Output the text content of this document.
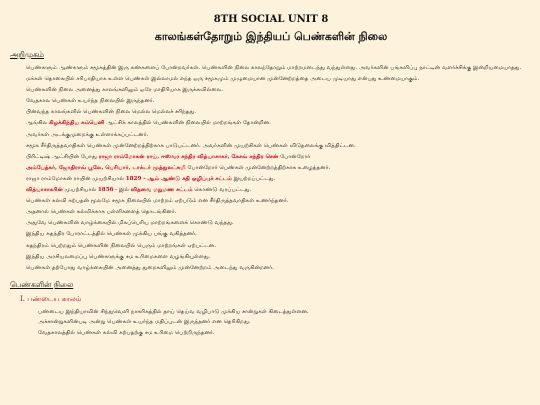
8TH SOCIAL UNIT 8
காலங்கள்தோறும் இந்தியப் பெண்களின் நிலை
அறிமுகம்
1. பெண்களும் ஆண்களும் சமூகத்தின் இரு கண்களைப் போன்றவர்கள். பெண்களின் நிலை காலந்தோறும் மாற்றமடைந்து வந்துள்ளது. அவர்களின் பங்களிப்பு நாட்டின் வளர்ச்சிக்கு இன்றியமையாதது.
2. மக்கள் தொகையில் சரிபாதியாக உள்ள பெண்கள் இல்லாமல் எந்த ஒரு சமூகமும் முழுமையான முன்னேற்றத்தை அடைய முடியாது என்பது உண்மையாகும்.
3. பெண்களின் நிலை அனைத்து காலங்களிலும் ஒரே மாதிரியாக இருக்கவில்லை.
4. வேதகால பெண்கள் உயர்ந்த நிலையில் இருந்தனர்.
5. பின்வந்த காலங்களில் பெண்களின் நிலை மெல்ல மெல்லச் சரிந்தது.
6. ஆங்கில கிழக்கிந்திய கம்பெனி ஆட்சிக் காலத்தில் பெண்களின் நிலையில் மாற்றங்கள் தோன்றின.
7. அவர்கள் அடக்குமுறைக்கு உள்ளாக்கப்பட்டனர்.
8. சமூக சீர்திருத்தவாதிகள் பெண்கள் முன்னேற்றத்திற்காக பாடுபட்டனர். அவர்களின் முயற்சிகள் பெண்கள் விடுதலைக்கு வித்திட்டன.
9. பிரிட்டிஷ் ஆட்சியின் போது ராஜா ராம்மோகன் ராய், ஈஸ்வர சந்திர வித்யாசாகர், கேசவ் சந்திர சென் போன்றோர்
10. அம்பேத்கர், ஜோதிராவ் பூலே, பெரியார், டாக்டர் முத்துலட்சுமி போன்றோர் பெண்கள் முன்னேற்றத்திற்காக உழைத்தனர்.
11. ராஜா ராம்மோகன் ராயின் முயற்சியால் 1829 - ஆம் ஆண்டு சதி ஒழிப்புச் சட்டம் இயற்றப்பட்டது.
12. வித்யாசாகரின் முயற்சியால் 1856 - இல் விதவை மறுமண சட்டம் கொண்டு வரப்பட்டது.
13. பெண்கள் கல்வி கற்பதன் மூலமே சமூக நிலையில் மாற்றம் ஏற்படும் என சீர்திருத்தவாதிகள் உணர்ந்தனர்.
14. அதனால் பெண்கள் கல்விக்காக பள்ளிகளைத் தொடங்கினர்.
15. அதுவே பெண்களின் வாழ்க்கையில் மிகப்பெரிய மாற்றங்களைக் கொண்டு வந்தது.
16. இந்திய சுதந்திர போராட்டத்தில் பெண்கள் முக்கிய பங்கு வகித்தனர்.
17. சுதந்திரம் பெற்றதும் பெண்களின் நிலையில் பெரும் மாற்றங்கள் ஏற்பட்டன.
18. இந்திய அரசியலமைப்பு பெண்களுக்கு சம உரிமைகளை வழங்கியுள்ளது.
19. பெண்கள் தற்போது வாழ்க்கையின் அனைத்து துறைகளிலும் முன்னேற்றம் அடைந்து வருகின்றனர்.
பெண்களின் நிலை
I. பண்டைய காலம்
1. பண்டைய இந்தியாவின் சிந்துவெளி நாகரிகத்தில் தாய் தெய்வ வழிபாடு முக்கிய சான்றுகள் கிடைத்துள்ளன.
2. அச்சான்றுகளின்படி அன்று பெண்கள் உயர்ந்த மதிப்புடன் இருந்தனர் என தெரிகிறது.
3. வேதகாலத்தில் பெண்கள் கல்வி கற்பதற்கு சம உரிமை பெற்றிருந்தனர்.
